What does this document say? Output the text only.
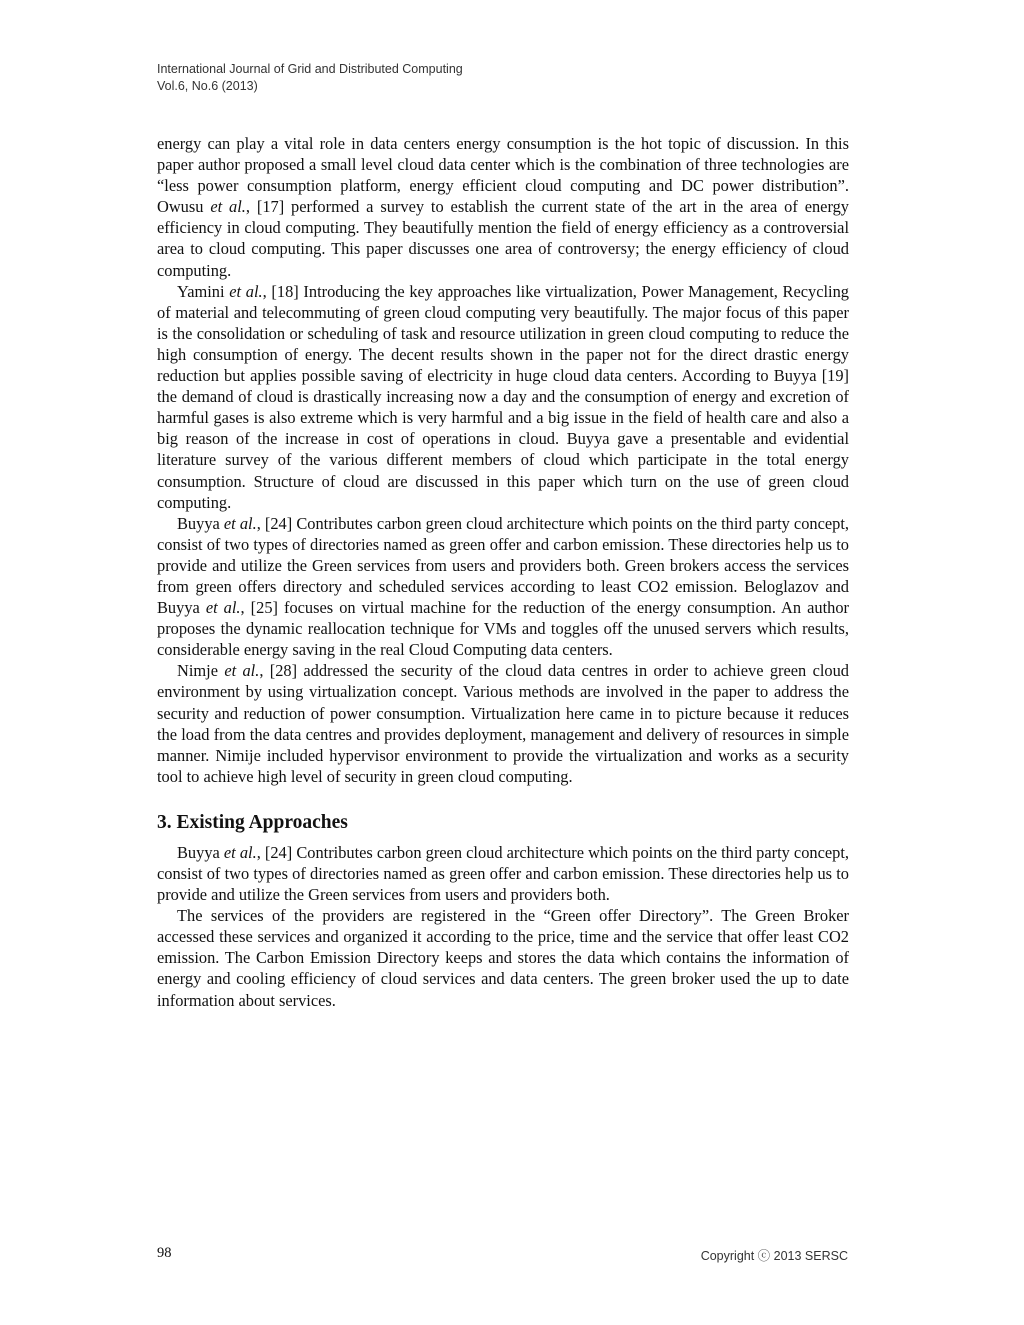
International Journal of Grid and Distributed Computing
Vol.6, No.6 (2013)

energy can play a vital role in data centers energy consumption is the hot topic of discussion. In this paper author proposed a small level cloud data center which is the combination of three technologies are “less power consumption platform, energy efficient cloud computing and DC power distribution”. Owusu et al., [17] performed a survey to establish the current state of the art in the area of energy efficiency in cloud computing. They beautifully mention the field of energy efficiency as a controversial area to cloud computing. This paper discusses one area of controversy; the energy efficiency of cloud computing.

Yamini et al., [18] Introducing the key approaches like virtualization, Power Management, Recycling of material and telecommuting of green cloud computing very beautifully. The major focus of this paper is the consolidation or scheduling of task and resource utilization in green cloud computing to reduce the high consumption of energy. The decent results shown in the paper not for the direct drastic energy reduction but applies possible saving of electricity in huge cloud data centers. According to Buyya [19] the demand of cloud is drastically increasing now a day and the consumption of energy and excretion of harmful gases is also extreme which is very harmful and a big issue in the field of health care and also a big reason of the increase in cost of operations in cloud. Buyya gave a presentable and evidential literature survey of the various different members of cloud which participate in the total energy consumption. Structure of cloud are discussed in this paper which turn on the use of green cloud computing.

Buyya et al., [24] Contributes carbon green cloud architecture which points on the third party concept, consist of two types of directories named as green offer and carbon emission. These directories help us to provide and utilize the Green services from users and providers both. Green brokers access the services from green offers directory and scheduled services according to least CO2 emission. Beloglazov and Buyya et al., [25] focuses on virtual machine for the reduction of the energy consumption. An author proposes the dynamic reallocation technique for VMs and toggles off the unused servers which results, considerable energy saving in the real Cloud Computing data centers.

Nimje et al., [28] addressed the security of the cloud data centres in order to achieve green cloud environment by using virtualization concept. Various methods are involved in the paper to address the security and reduction of power consumption. Virtualization here came in to picture because it reduces the load from the data centres and provides deployment, management and delivery of resources in simple manner. Nimije included hypervisor environment to provide the virtualization and works as a security tool to achieve high level of security in green cloud computing.

3. Existing Approaches

Buyya et al., [24] Contributes carbon green cloud architecture which points on the third party concept, consist of two types of directories named as green offer and carbon emission. These directories help us to provide and utilize the Green services from users and providers both.

The services of the providers are registered in the “Green offer Directory”. The Green Broker accessed these services and organized it according to the price, time and the service that offer least CO2 emission. The Carbon Emission Directory keeps and stores the data which contains the information of energy and cooling efficiency of cloud services and data centers. The green broker used the up to date information about services.

98	Copyright ⓒ 2013 SERSC
